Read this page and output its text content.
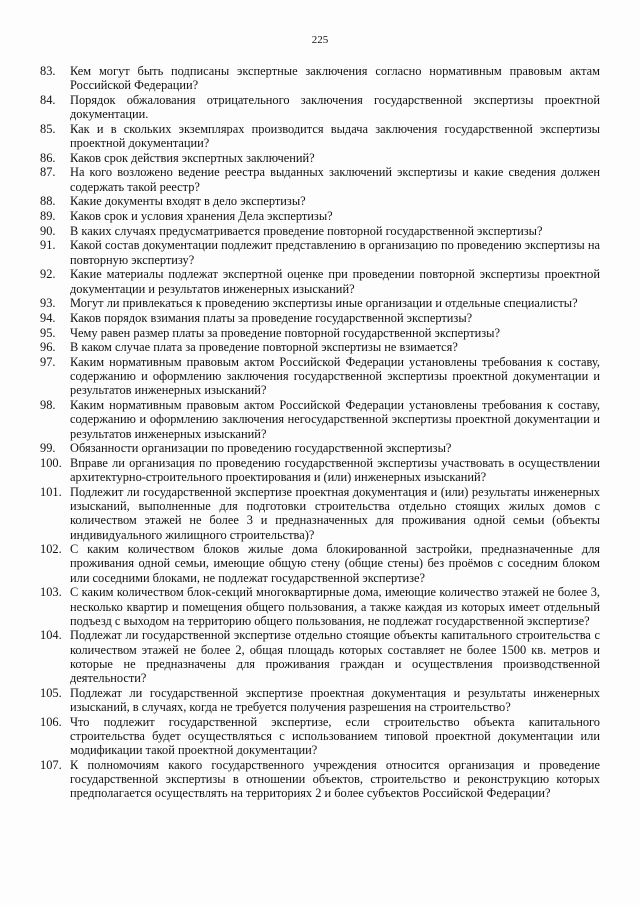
225
83.	Кем могут быть подписаны экспертные заключения согласно нормативным правовым актам Российской Федерации?
84.	Порядок обжалования отрицательного заключения государственной экспертизы проектной документации.
85.	Как и в скольких экземплярах производится выдача заключения государственной экспертизы проектной документации?
86.	Каков срок действия экспертных заключений?
87.	На кого возложено ведение реестра выданных заключений экспертизы и какие сведения должен содержать такой реестр?
88.	Какие документы входят в дело экспертизы?
89.	Каков срок и условия хранения Дела экспертизы?
90.	В каких случаях предусматривается проведение повторной государственной экспертизы?
91.	Какой состав документации подлежит представлению в организацию по проведению экспертизы на повторную экспертизу?
92.	Какие материалы подлежат экспертной оценке при проведении повторной экспертизы проектной документации и результатов инженерных изысканий?
93.	Могут ли привлекаться к проведению экспертизы иные организации и отдельные специалисты?
94.	Каков порядок взимания платы за проведение государственной экспертизы?
95.	Чему равен размер платы за проведение повторной государственной экспертизы?
96.	В каком случае плата за проведение повторной экспертизы не взимается?
97.	Каким нормативным правовым актом Российской Федерации установлены требования к составу, содержанию и оформлению заключения государственной экспертизы проектной документации и результатов инженерных изысканий?
98.	Каким нормативным правовым актом Российской Федерации установлены требования к составу, содержанию и оформлению заключения негосударственной экспертизы проектной документации и результатов инженерных изысканий?
99.	Обязанности организации по проведению государственной экспертизы?
100. Вправе ли организация по проведению государственной экспертизы участвовать в осуществлении архитектурно-строительного проектирования и (или) инженерных изысканий?
101. Подлежит ли государственной экспертизе проектная документация и (или) результаты инженерных изысканий, выполненные для подготовки строительства отдельно стоящих жилых домов с количеством этажей не более 3 и предназначенных для проживания одной семьи (объекты индивидуального жилищного строительства)?
102. С каким количеством блоков жилые дома блокированной застройки, предназначенные для проживания одной семьи, имеющие общую стену (общие стены) без проёмов с соседним блоком или соседними блоками, не подлежат государственной экспертизе?
103. С каким количеством блок-секций многоквартирные дома, имеющие количество этажей не более 3, несколько квартир и помещения общего пользования, а также каждая из которых имеет отдельный подъезд с выходом на территорию общего пользования, не подлежат государственной экспертизе?
104. Подлежат ли государственной экспертизе отдельно стоящие объекты капитального строительства с количеством этажей не более 2, общая площадь которых составляет не более 1500 кв. метров и которые не предназначены для проживания граждан и осуществления производственной деятельности?
105. Подлежат ли государственной экспертизе проектная документация и результаты инженерных изысканий, в случаях, когда не требуется получения разрешения на строительство?
106. Что подлежит государственной экспертизе, если строительство объекта капитального строительства будет осуществляться с использованием типовой проектной документации или модификации такой проектной документации?
107. К полномочиям какого государственного учреждения относится организация и проведение государственной экспертизы в отношении объектов, строительство и реконструкцию которых предполагается осуществлять на территориях 2 и более субъектов Российской Федерации?
